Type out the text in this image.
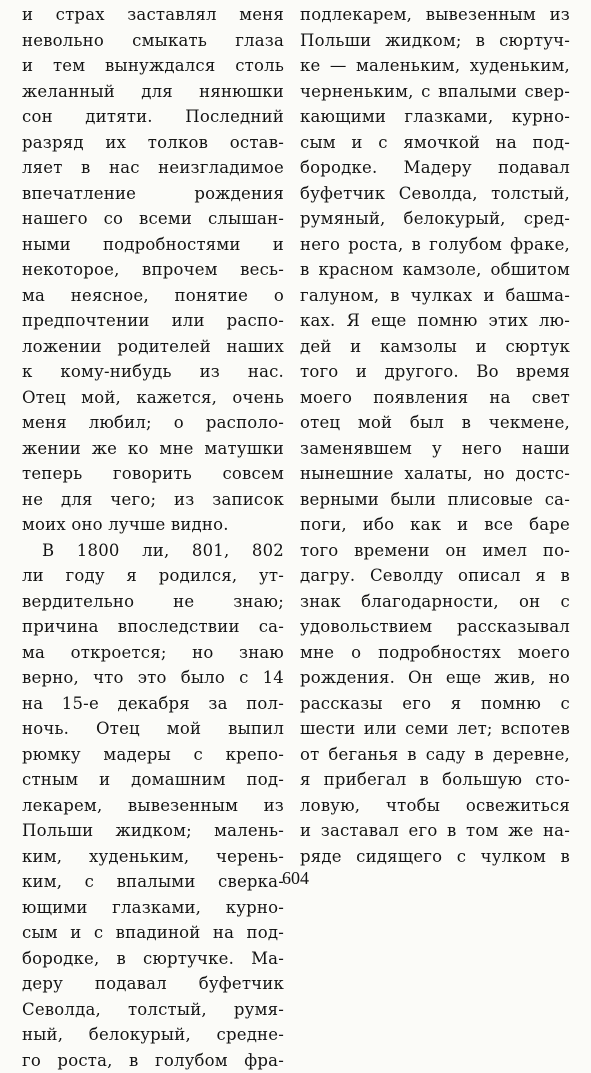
и страх заставлял меня
невольно смыкать глаза
и тем вынуждался столь
желанный для нянюшки
сон дитяти. Последний
разряд их толков остав-
ляет в нас неизгладимое
впечатление рождения
нашего со всеми слышан-
ными подробностями и
некоторое, впрочем весь-
ма неясное, понятие о
предпочтении или распо-
ложении родителей наших
к кому-нибудь из нас.
Отец мой, кажется, очень
меня любил; о располо-
жении же ко мне матушки
теперь говорить совсем
не для чего; из записок
моих оно лучше видно.
В 1800 ли, 801, 802
ли году я родился, ут-
вердительно не знаю;
причина впоследствии са-
ма откроется; но знаю
верно, что это было с 14
на 15-е декабря за пол-
ночь. Отец мой выпил
рюмку мадеры с крепо-
стным и домашним под-
лекарем, вывезенным из
Польши жидком; малень-
ким, худеньким, черень-
ким, с впалыми сверка-
ющими глазками, курно-
сым и с впадиной на под-
бородке, в сюртучке. Ма-
деру подавал буфетчик
Севолда, толстый, румя-
ный, белокурый, среднe-
го роста, в голубом фра-
подлекарем, вывезенным из
Польши жидком; в сюртуч-
ке — маленьким, худеньким,
черненьким, с впалыми свер-
кающими глазками, курно-
сым и с ямочкой на под-
бородке. Мадеру подавал
буфетчик Севолда, толстый,
румяный, белокурый, сред-
него роста, в голубом фраке,
в красном камзоле, обшитом
галуном, в чулках и башма-
ках. Я еще помню этих лю-
дей и камзолы и сюртук
того и другого. Во время
моего появления на свет
отец мой был в чекмене,
заменявшем у него наши
нынешние халаты, но достс-
верными были плисовые са-
поги, ибо как и все баре
того времени он имел по-
дагру. Севолду описал я в
знак благодарности, он с
удовольствием рассказывал
мне о подробностях моего
рождения. Он еще жив, но
рассказы его я помню с
шести или семи лет; вспотев
от беганья в саду в деревне,
я прибегал в большую сто-
ловую, чтобы освежиться
и заставал его в том же на-
ряде сидящего с чулком в
604
